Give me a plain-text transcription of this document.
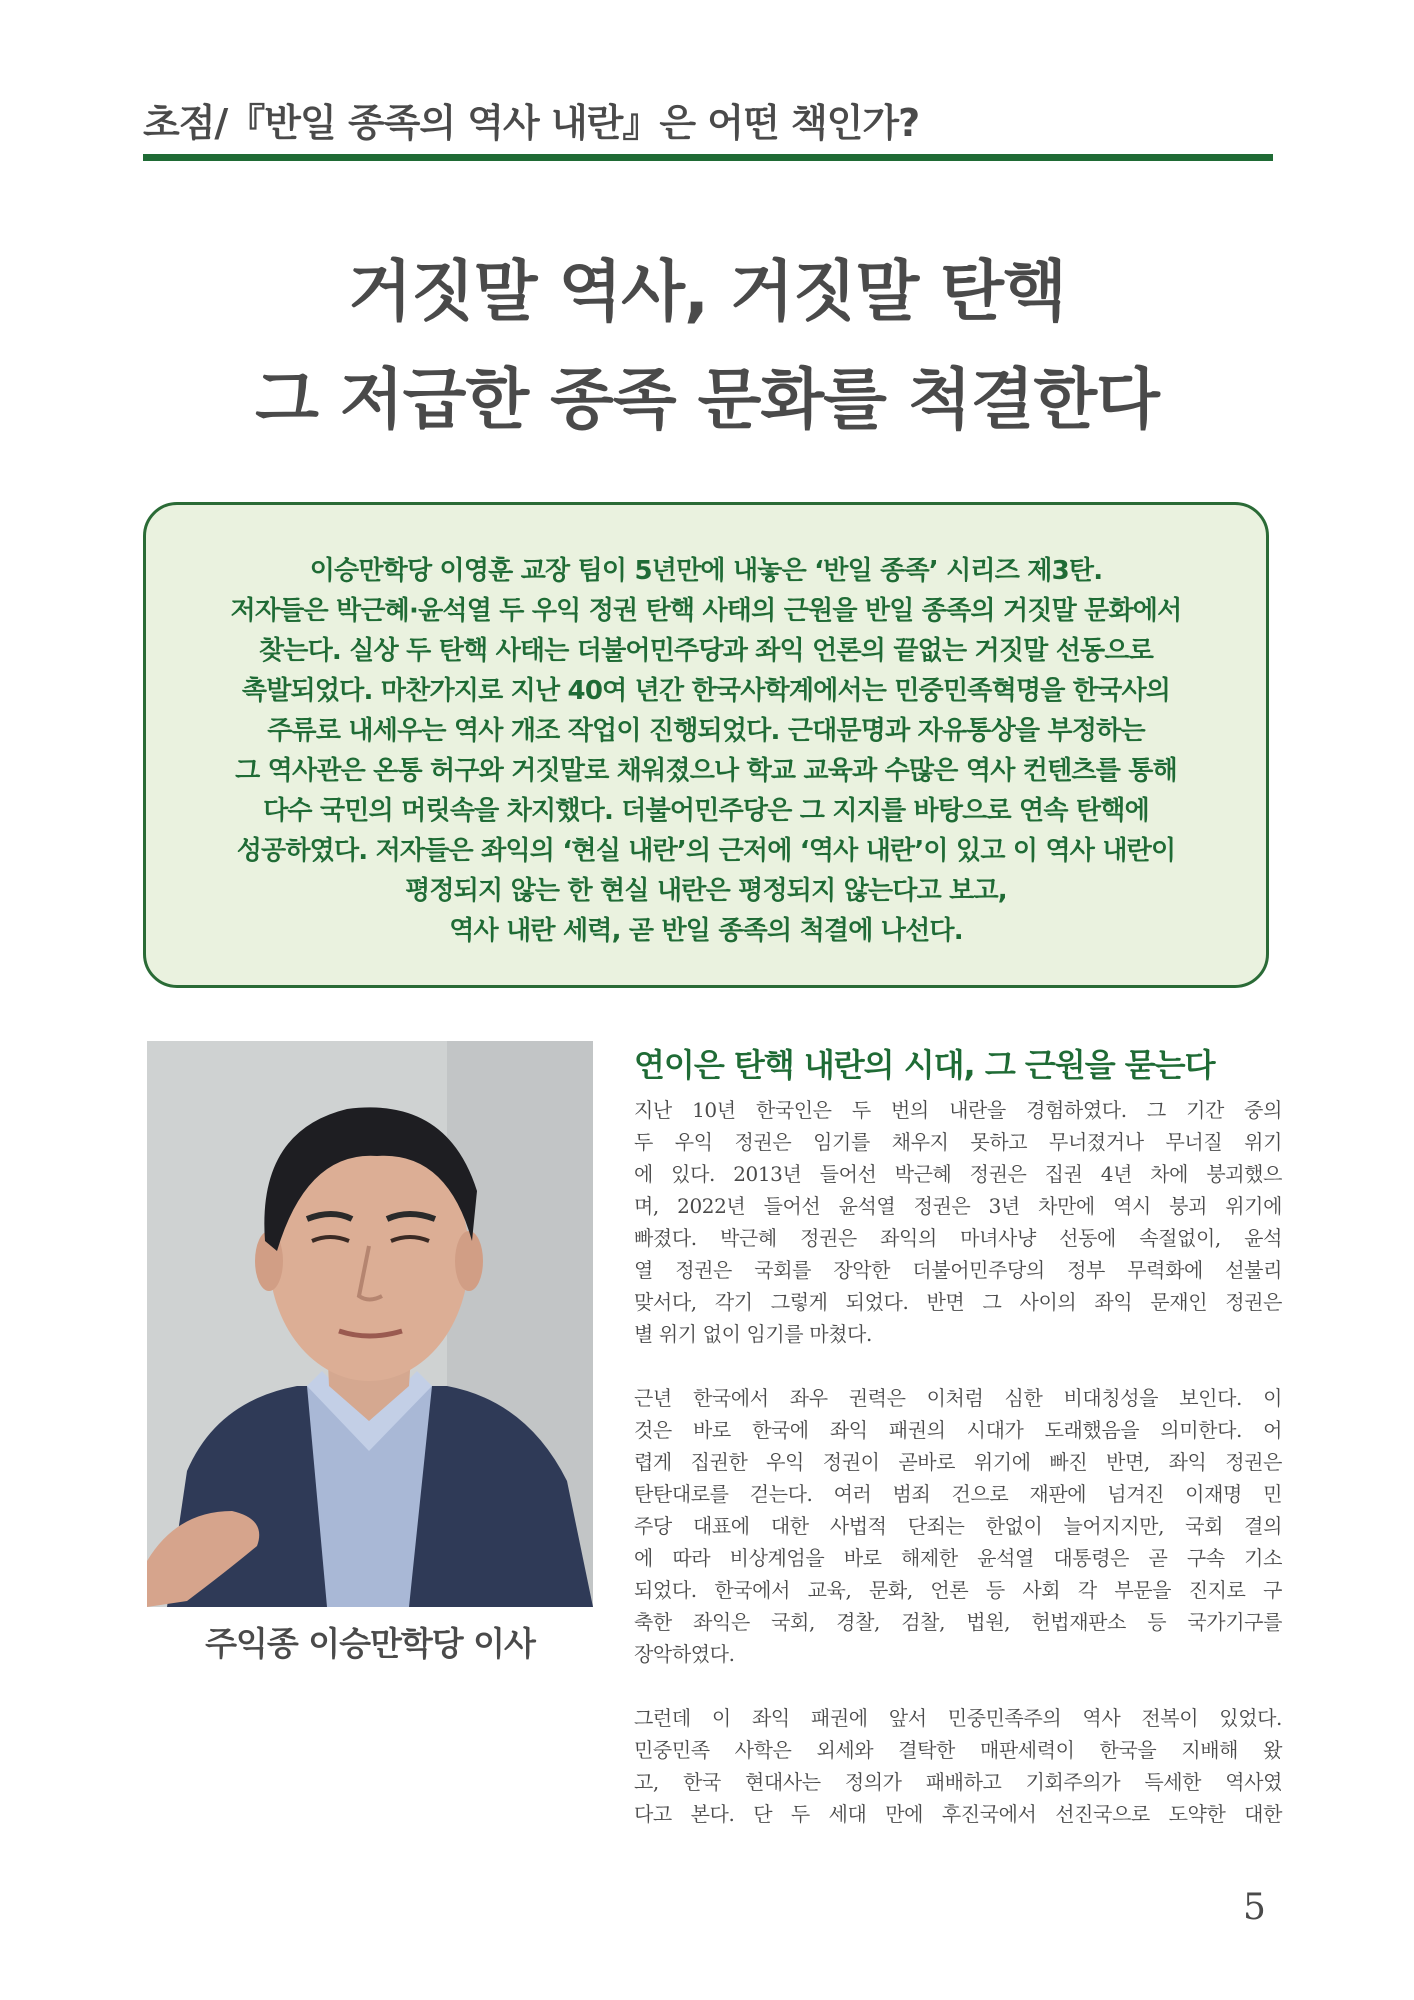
초점/『반일 종족의 역사 내란』은 어떤 책인가?
거짓말 역사, 거짓말 탄핵
그 저급한 종족 문화를 척결한다
이승만학당 이영훈 교장 팀이 5년만에 내놓은 ‘반일 종족’ 시리즈 제3탄.
저자들은 박근혜·윤석열 두 우익 정권 탄핵 사태의 근원을 반일 종족의 거짓말 문화에서
찾는다. 실상 두 탄핵 사태는 더불어민주당과 좌익 언론의 끝없는 거짓말 선동으로
촉발되었다. 마찬가지로 지난 40여 년간 한국사학계에서는 민중민족혁명을 한국사의
주류로 내세우는 역사 개조 작업이 진행되었다. 근대문명과 자유통상을 부정하는
그 역사관은 온통 허구와 거짓말로 채워졌으나 학교 교육과 수많은 역사 컨텐츠를 통해
다수 국민의 머릿속을 차지했다. 더불어민주당은 그 지지를 바탕으로 연속 탄핵에
성공하였다. 저자들은 좌익의 ‘현실 내란’의 근저에 ‘역사 내란’이 있고 이 역사 내란이
평정되지 않는 한 현실 내란은 평정되지 않는다고 보고,
역사 내란 세력, 곧 반일 종족의 척결에 나선다.
주익종 이승만학당 이사
연이은 탄핵 내란의 시대, 그 근원을 묻는다
지난 10년 한국인은 두 번의 내란을 경험하였다. 그 기간 중의
두 우익 정권은 임기를 채우지 못하고 무너졌거나 무너질 위기
에 있다. 2013년 들어선 박근혜 정권은 집권 4년 차에 붕괴했으
며, 2022년 들어선 윤석열 정권은 3년 차만에 역시 붕괴 위기에
빠졌다. 박근혜 정권은 좌익의 마녀사냥 선동에 속절없이, 윤석
열 정권은 국회를 장악한 더불어민주당의 정부 무력화에 섣불리
맞서다, 각기 그렇게 되었다. 반면 그 사이의 좌익 문재인 정권은
별 위기 없이 임기를 마쳤다.
근년 한국에서 좌우 권력은 이처럼 심한 비대칭성을 보인다. 이
것은 바로 한국에 좌익 패권의 시대가 도래했음을 의미한다. 어
렵게 집권한 우익 정권이 곧바로 위기에 빠진 반면, 좌익 정권은
탄탄대로를 걷는다. 여러 범죄 건으로 재판에 넘겨진 이재명 민
주당 대표에 대한 사법적 단죄는 한없이 늘어지지만, 국회 결의
에 따라 비상계엄을 바로 해제한 윤석열 대통령은 곧 구속 기소
되었다. 한국에서 교육, 문화, 언론 등 사회 각 부문을 진지로 구
축한 좌익은 국회, 경찰, 검찰, 법원, 헌법재판소 등 국가기구를
장악하였다.
그런데 이 좌익 패권에 앞서 민중민족주의 역사 전복이 있었다.
민중민족 사학은 외세와 결탁한 매판세력이 한국을 지배해 왔
고, 한국 현대사는 정의가 패배하고 기회주의가 득세한 역사였
다고 본다. 단 두 세대 만에 후진국에서 선진국으로 도약한 대한
5
